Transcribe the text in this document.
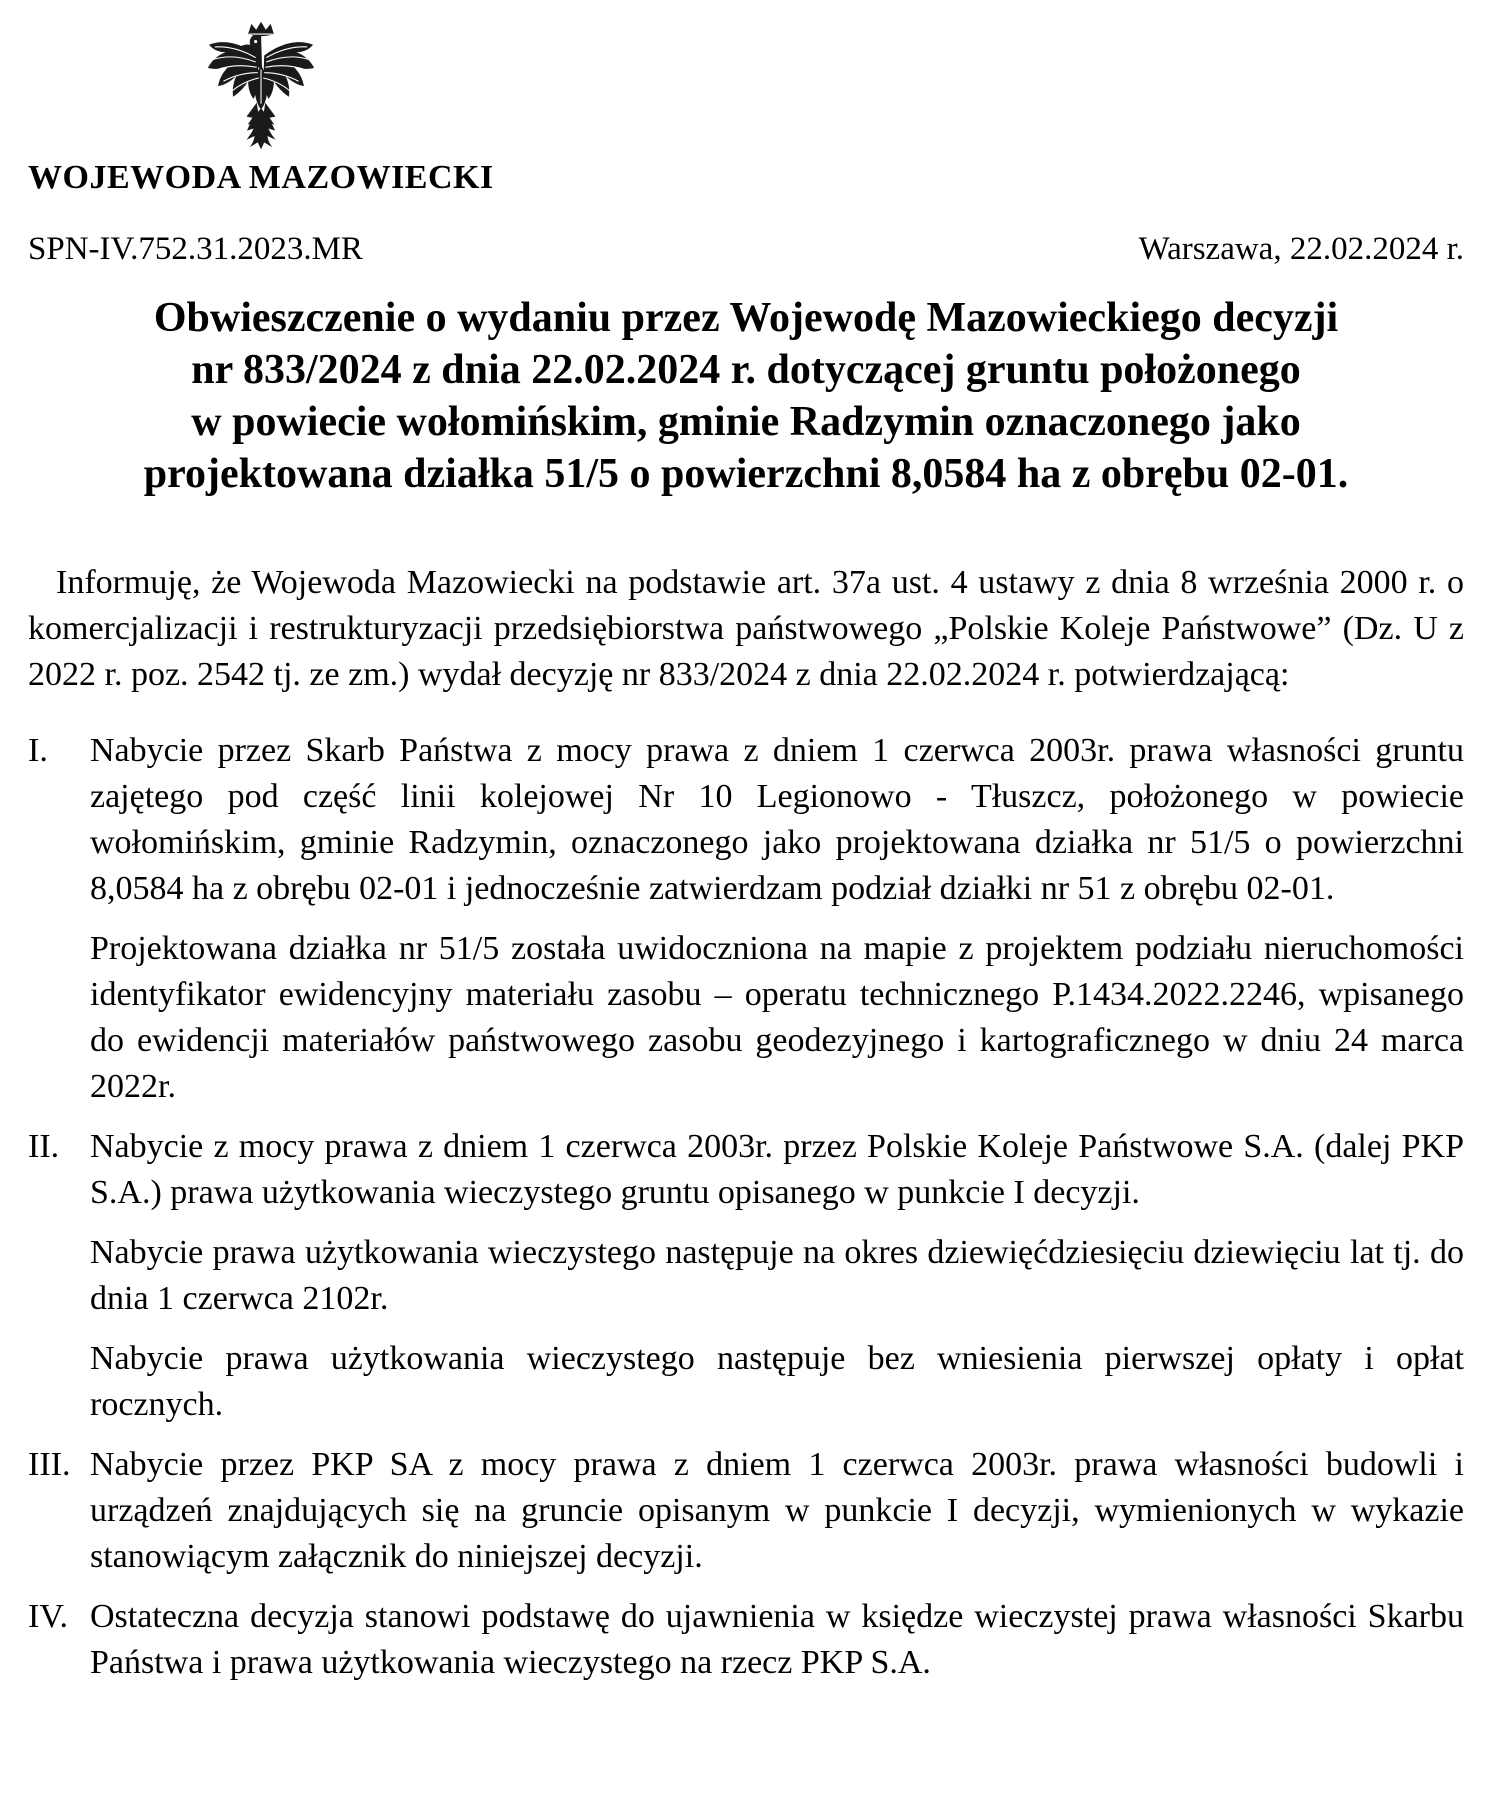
WOJEWODA MAZOWIECKI
SPN-IV.752.31.2023.MR	Warszawa, 22.02.2024 r.
Obwieszczenie o wydaniu przez Wojewodę Mazowieckiego decyzji
nr 833/2024 z dnia 22.02.2024 r. dotyczącej gruntu położonego
w powiecie wołomińskim, gminie Radzymin oznaczonego jako
projektowana działka 51/5 o powierzchni 8,0584 ha z obrębu 02-01.

Informuję, że Wojewoda Mazowiecki na podstawie art. 37a ust. 4 ustawy z dnia 8 września 2000 r. o komercjalizacji i restrukturyzacji przedsiębiorstwa państwowego „Polskie Koleje Państwowe” (Dz. U z 2022 r. poz. 2542 tj. ze zm.) wydał decyzję nr 833/2024 z dnia 22.02.2024 r. potwierdzającą:

I.	Nabycie przez Skarb Państwa z mocy prawa z dniem 1 czerwca 2003r. prawa własności gruntu zajętego pod część linii kolejowej Nr 10 Legionowo - Tłuszcz, położonego w powiecie wołomińskim, gminie Radzymin, oznaczonego jako projektowana działka nr 51/5 o powierzchni 8,0584 ha z obrębu 02-01 i jednocześnie zatwierdzam podział działki nr 51 z obrębu 02-01.

Projektowana działka nr 51/5 została uwidoczniona na mapie z projektem podziału nieruchomości identyfikator ewidencyjny materiału zasobu – operatu technicznego P.1434.2022.2246, wpisanego do ewidencji materiałów państwowego zasobu geodezyjnego i kartograficznego w dniu 24 marca 2022r.

II. Nabycie z mocy prawa z dniem 1 czerwca 2003r. przez Polskie Koleje Państwowe S.A. (dalej PKP S.A.) prawa użytkowania wieczystego gruntu opisanego w punkcie I decyzji.

Nabycie prawa użytkowania wieczystego następuje na okres dziewięćdziesięciu dziewięciu lat tj. do dnia 1 czerwca 2102r.

Nabycie prawa użytkowania wieczystego następuje bez wniesienia pierwszej opłaty i opłat rocznych.

III. Nabycie przez PKP SA z mocy prawa z dniem 1 czerwca 2003r. prawa własności budowli i urządzeń znajdujących się na gruncie opisanym w punkcie I decyzji, wymienionych w wykazie stanowiącym załącznik do niniejszej decyzji.

IV. Ostateczna decyzja stanowi podstawę do ujawnienia w księdze wieczystej prawa własności Skarbu Państwa i prawa użytkowania wieczystego na rzecz PKP S.A.
